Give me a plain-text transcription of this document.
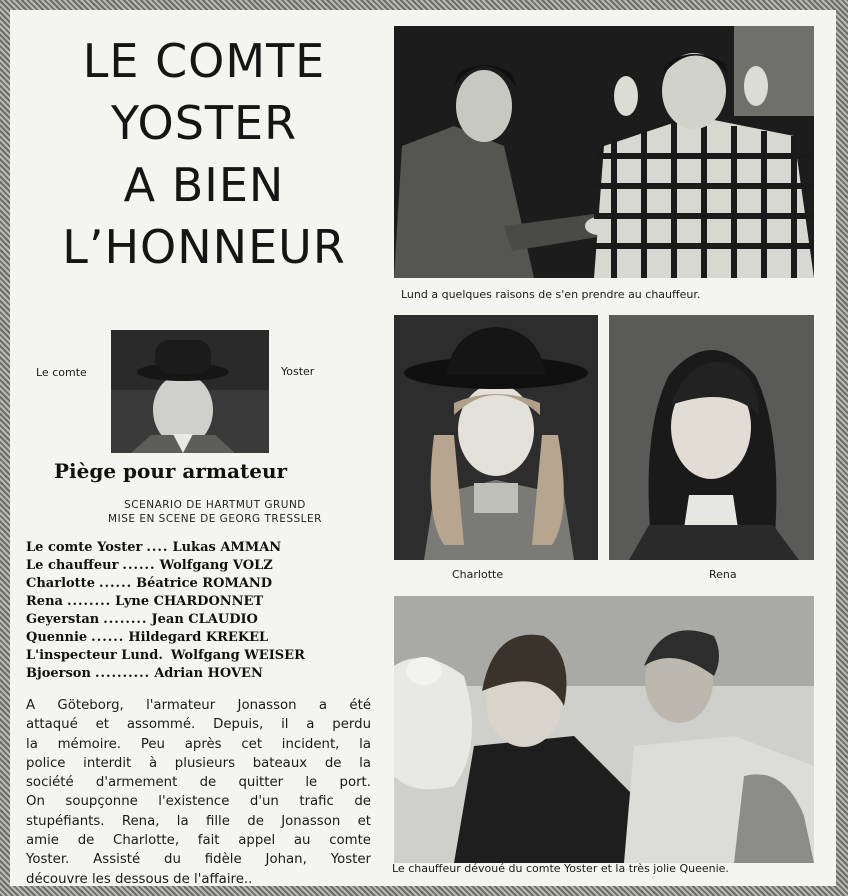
LE COMTE
YOSTER
A BIEN
L’HONNEUR
Le comte	Yoster
Piège pour armateur
SCENARIO DE HARTMUT GRUND
MISE EN SCENE DE GEORG TRESSLER
Le comte Yoster .... Lukas AMMAN
Le chauffeur ...... Wolfgang VOLZ
Charlotte ...... Béatrice ROMAND
Rena ........ Lyne CHARDONNET
Geyerstan ........ Jean CLAUDIO
Quennie ...... Hildegard KREKEL
L'inspecteur Lund. Wolfgang WEISER
Bjoerson .......... Adrian HOVEN
A Göteborg, l'armateur Jonasson a été
attaqué et assommé. Depuis, il a perdu
la mémoire. Peu après cet incident, la
police interdit à plusieurs bateaux de la
société d'armement de quitter le port.
On soupçonne l'existence d'un trafic de
stupéfiants. Rena, la fille de Jonasson et
amie de Charlotte, fait appel au comte
Yoster. Assisté du fidèle Johan, Yoster
découvre les dessous de l'affaire..
Lund a quelques raisons de s'en prendre au chauffeur.
Charlotte	Rena
Le chauffeur dévoué du comte Yoster et la très jolie Queenie.
